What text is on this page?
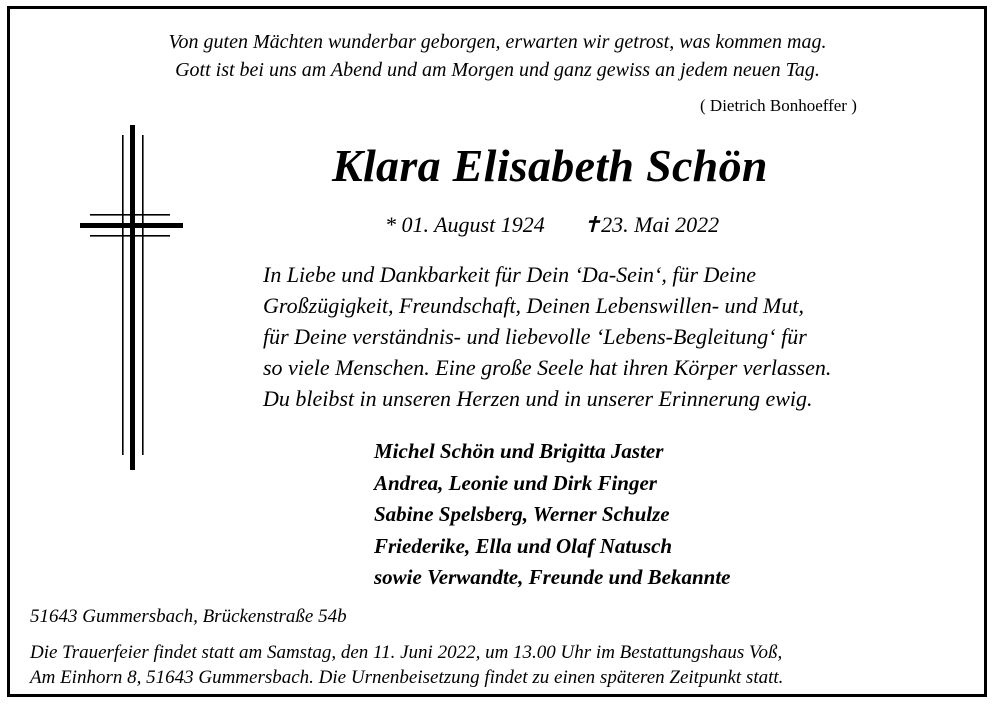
Von guten Mächten wunderbar geborgen, erwarten wir getrost, was kommen mag.
Gott ist bei uns am Abend und am Morgen und ganz gewiss an jedem neuen Tag.
( Dietrich Bonhoeffer )
Klara Elisabeth Schön
* 01. August 1924 ✝23. Mai 2022
In Liebe und Dankbarkeit für Dein ‘Da-Sein‘, für Deine
Großzügigkeit, Freundschaft, Deinen Lebenswillen- und Mut,
für Deine verständnis- und liebevolle ‘Lebens-Begleitung‘ für
so viele Menschen. Eine große Seele hat ihren Körper verlassen.
Du bleibst in unseren Herzen und in unserer Erinnerung ewig.
Michel Schön und Brigitta Jaster
Andrea, Leonie und Dirk Finger
Sabine Spelsberg, Werner Schulze
Friederike, Ella und Olaf Natusch
sowie Verwandte, Freunde und Bekannte
51643 Gummersbach, Brückenstraße 54b
Die Trauerfeier findet statt am Samstag, den 11. Juni 2022, um 13.00 Uhr im Bestattungshaus Voß,
Am Einhorn 8, 51643 Gummersbach. Die Urnenbeisetzung findet zu einen späteren Zeitpunkt statt.
